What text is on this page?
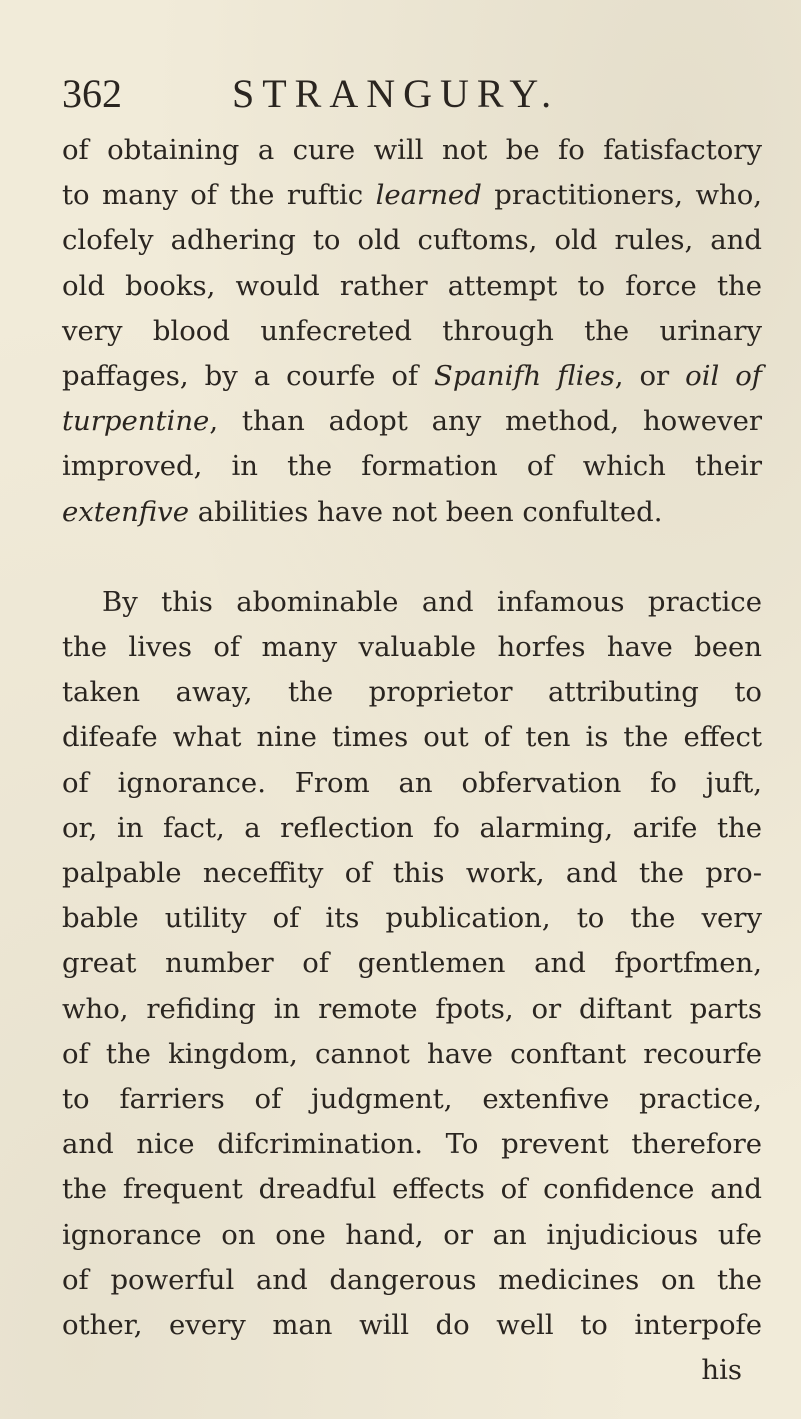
362	STRANGURY.
of obtaining a cure will not be fo fatisfactory
to many of the ruftic learned practitioners, who,
clofely adhering to old cuftoms, old rules, and
old books, would rather attempt to force the
very blood unfecreted through the urinary
paffages, by a courfe of Spanifh flies, or oil of
turpentine, than adopt any method, however
improved, in the formation of which their
extenfive abilities have not been confulted.
By this abominable and infamous practice
the lives of many valuable horfes have been
taken away, the proprietor attributing to
difeafe what nine times out of ten is the effect
of ignorance. From an obfervation fo juft,
or, in fact, a reflection fo alarming, arife the
palpable neceffity of this work, and the pro-
bable utility of its publication, to the very
great number of gentlemen and fportfmen,
who, refiding in remote fpots, or diftant parts
of the kingdom, cannot have conftant recourfe
to farriers of judgment, extenfive practice,
and nice difcrimination. To prevent therefore
the frequent dreadful effects of confidence and
ignorance on one hand, or an injudicious ufe
of powerful and dangerous medicines on the
other, every man will do well to interpofe
his
